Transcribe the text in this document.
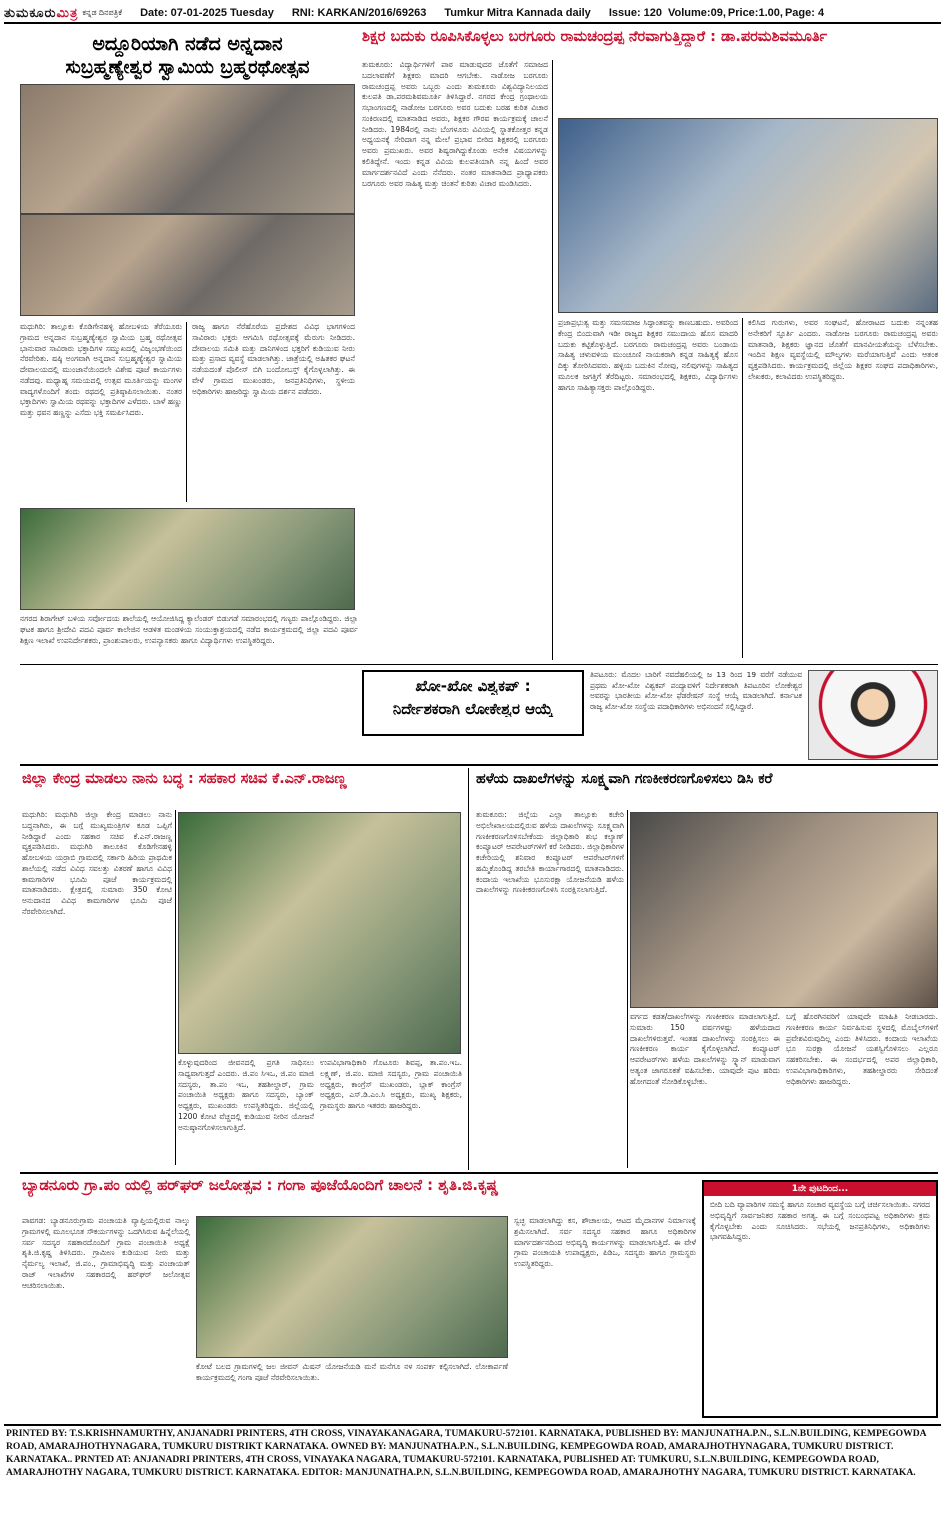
ತುಮಕೂರುಮಿತ್ರ ಕನ್ನಡ ದಿನಪತ್ರಿಕೆ Date: 07-01-2025 Tuesday RNI: KARKAN/2016/69263 Tumkur Mitra Kannada daily Issue: 120 Volume:09, Price:1.00, Page: 4
ಅದ್ದೂರಿಯಾಗಿ ನಡೆದ ಅನ್ನದಾನ
ಸುಬ್ರಹ್ಮಣ್ಯೇಶ್ವರ ಸ್ವಾಮಿಯ ಬ್ರಹ್ಮರಥೋತ್ಸವ
ಮಧುಗಿರಿ: ತಾಲ್ಲೂಕು ಕೊಡಿಗೇನಹಳ್ಳಿ ಹೋಬಳಿಯ ತೆರೆಯೂರು ಗ್ರಾಮದ ಅನ್ನದಾನ ಸುಬ್ರಹ್ಮಣ್ಯೇಶ್ವರ ಸ್ವಾಮಿಯ ಬ್ರಹ್ಮ ರಥೋತ್ಸವ ಭಾನುವಾರ ಸಾವಿರಾರು ಭಕ್ತಾದಿಗಳ ಸಮ್ಮುಖದಲ್ಲಿ ವಿಜೃಂಭಣೆಯಿಂದ ನೆರವೇರಿತು. ಷಷ್ಠಿ ಅಂಗವಾಗಿ ಅನ್ನದಾನ ಸುಬ್ರಹ್ಮಣ್ಯೇಶ್ವರ ಸ್ವಾಮಿಯ ದೇವಾಲಯದಲ್ಲಿ ಮುಂಜಾನೆಯಿಂದಲೇ ವಿಶೇಷ ಪೂಜೆ ಕಾರ್ಯಗಳು ನಡೆದವು. ಮಧ್ಯಾಹ್ನ ಸಮಯದಲ್ಲಿ ಉತ್ಸವ ಮೂರ್ತಿಯನ್ನು ಮಂಗಳ ವಾದ್ಯಗಳೊಂದಿಗೆ ತಂದು ರಥದಲ್ಲಿ ಪ್ರತಿಷ್ಠಾಪಿಸಲಾಯಿತು. ನಂತರ ಭಕ್ತಾದಿಗಳು ಸ್ವಾಮಿಯ ರಥವನ್ನು ಭಕ್ತಾದಿಗಳ ಎಳೆದರು. ಬಾಳೆ ಹಣ್ಣು ಮತ್ತು ಧವನ ಹಣ್ಣನ್ನು ಎಸೆದು ಭಕ್ತಿ ಸಮರ್ಪಿಸಿದರು.
ರಾಜ್ಯ ಹಾಗೂ ನೆರೆಹೊರೆಯ ಪ್ರದೇಶದ ವಿವಿಧ ಭಾಗಗಳಿಂದ ಸಾವಿರಾರು ಭಕ್ತರು ಆಗಮಿಸಿ ರಥೋತ್ಸವಕ್ಕೆ ಮೆರುಗು ನೀಡಿದರು. ದೇವಾಲಯ ಸಮಿತಿ ಮತ್ತು ದಾನಿಗಳಿಂದ ಭಕ್ತರಿಗೆ ಕುಡಿಯುವ ನೀರು ಮತ್ತು ಪ್ರಸಾದ ವ್ಯವಸ್ಥೆ ಮಾಡಲಾಗಿತ್ತು. ಜಾತ್ರೆಯಲ್ಲಿ ಅಹಿತಕರ ಘಟನೆ ನಡೆಯದಂತೆ ಪೊಲೀಸ್ ಬಿಗಿ ಬಂದೋಬಸ್ತ್ ಕೈಗೊಳ್ಳಲಾಗಿತ್ತು. ಈ ವೇಳೆ ಗ್ರಾಮದ ಮುಖಂಡರು, ಜನಪ್ರತಿನಿಧಿಗಳು, ಸ್ಥಳೀಯ ಅಧಿಕಾರಿಗಳು ಹಾಜರಿದ್ದು ಸ್ವಾಮಿಯ ದರ್ಶನ ಪಡೆದರು.
ಶಿಕ್ಷರ ಬದುಕು ರೂಪಿಸಿಕೊಳ್ಳಲು ಬರಗೂರು ರಾಮಚಂದ್ರಪ್ಪ ನೆರವಾಗುತ್ತಿದ್ದಾರೆ : ಡಾ.ಪರಮಶಿವಮೂರ್ತಿ
ತುಮಕೂರು: ವಿದ್ಯಾರ್ಥಿಗಳಿಗೆ ಪಾಠ ಮಾಡುವುದರ ಜೊತೆಗೆ ಸಮಾಜದ ಬದಲಾವಣೆಗೆ ಶಿಕ್ಷಕರು ಮಾದರಿ ಆಗಬೇಕು. ನಾಡೋಜ ಬರಗೂರು ರಾಮಚಂದ್ರಪ್ಪ ಅವರು ಒಬ್ಬರು ಎಂದು ತುಮಕೂರು ವಿಶ್ವವಿದ್ಯಾನಿಲಯದ ಕುಲಪತಿ ಡಾ.ಪರಮಶಿವಮೂರ್ತಿ ತಿಳಿಸಿದ್ದಾರೆ. ನಗರದ ಕೇಂದ್ರ ಗ್ರಂಥಾಲಯ ಸಭಾಂಗಣದಲ್ಲಿ ನಾಡೋಜ ಬರಗೂರು ಅವರ ಬದುಕು ಬರಹ ಕುರಿತ ವಿಚಾರ ಸಂಕಿರಣದಲ್ಲಿ ಮಾತನಾಡಿದ ಅವರು, ಶಿಕ್ಷಕರ ಗೌರವ ಕಾರ್ಯಕ್ರಮಕ್ಕೆ ಚಾಲನೆ ನೀಡಿದರು. 1984ರಲ್ಲಿ ನಾನು ಬೆಂಗಳೂರು ವಿವಿಯಲ್ಲಿ ಸ್ನಾತಕೋತ್ತರ ಕನ್ನಡ ಅಧ್ಯಯನಕ್ಕೆ ಸೇರಿದಾಗ ನನ್ನ ಮೇಲೆ ಪ್ರಭಾವ ಬೀರಿದ ಶಿಕ್ಷಕರಲ್ಲಿ ಬರಗೂರು ಅವರು ಪ್ರಮುಖರು. ಅವರ ಶಿಷ್ಯರಾಗಿದ್ದುಕೊಂಡು ಅನೇಕ ವಿಷಯಗಳನ್ನು ಕಲಿತಿದ್ದೇನೆ. ಇಂದು ಕನ್ನಡ ವಿವಿಯ ಕುಲಪತಿಯಾಗಿ ನನ್ನ ಹಿಂದೆ ಅವರ ಮಾರ್ಗದರ್ಶನವಿದೆ ಎಂದು ನೆನೆದರು. ನಂತರ ಮಾತನಾಡಿದ ಪ್ರಾಧ್ಯಾಪಕರು ಬರಗೂರು ಅವರ ಸಾಹಿತ್ಯ ಮತ್ತು ಚಿಂತನೆ ಕುರಿತು ವಿಚಾರ ಮಂಡಿಸಿದರು.
ಪ್ರಜಾಪ್ರಭುತ್ವ ಮತ್ತು ಸಮಸಮಾಜ ಸಿದ್ಧಾಂತವನ್ನು ಕಾಣಬಹುದು. ಅವರಿಂದ ಕೇಂದ್ರ ಬಿಂದುವಾಗಿ ಇಡೀ ರಾಜ್ಯದ ಶಿಕ್ಷಕರ ಸಮುದಾಯ ಹೊಸ ಮಾದರಿ ಬದುಕು ಕಟ್ಟಿಕೊಳ್ಳುತ್ತಿದೆ. ಬರಗೂರು ರಾಮಚಂದ್ರಪ್ಪ ಅವರು ಬಂಡಾಯ ಸಾಹಿತ್ಯ ಚಳುವಳಿಯ ಮುಂಚೂಣಿ ನಾಯಕರಾಗಿ ಕನ್ನಡ ಸಾಹಿತ್ಯಕ್ಕೆ ಹೊಸ ದಿಕ್ಕು ತೋರಿಸಿದವರು. ಹಳ್ಳಿಯ ಬದುಕಿನ ನೋವು, ನಲಿವುಗಳನ್ನು ಸಾಹಿತ್ಯದ ಮೂಲಕ ಜಗತ್ತಿಗೆ ತೆರೆದಿಟ್ಟರು. ಸಮಾರಂಭದಲ್ಲಿ ಶಿಕ್ಷಕರು, ವಿದ್ಯಾರ್ಥಿಗಳು ಹಾಗೂ ಸಾಹಿತ್ಯಾಸಕ್ತರು ಪಾಲ್ಗೊಂಡಿದ್ದರು.
ಕಲಿಸಿದ ಗುರುಗಳು, ಅವರ ಸಂಘಟನೆ, ಹೋರಾಟದ ಬದುಕು ನನ್ನಂತಹ ಅನೇಕರಿಗೆ ಸ್ಫೂರ್ತಿ ಎಂದರು. ನಾಡೋಜ ಬರಗೂರು ರಾಮಚಂದ್ರಪ್ಪ ಅವರು ಮಾತನಾಡಿ, ಶಿಕ್ಷಕರು ಜ್ಞಾನದ ಜೊತೆಗೆ ಮಾನವೀಯತೆಯನ್ನು ಬೆಳೆಸಬೇಕು. ಇಂದಿನ ಶಿಕ್ಷಣ ವ್ಯವಸ್ಥೆಯಲ್ಲಿ ಮೌಲ್ಯಗಳು ಮರೆಯಾಗುತ್ತಿವೆ ಎಂದು ಆತಂಕ ವ್ಯಕ್ತಪಡಿಸಿದರು. ಕಾರ್ಯಕ್ರಮದಲ್ಲಿ ಜಿಲ್ಲೆಯ ಶಿಕ್ಷಕರ ಸಂಘದ ಪದಾಧಿಕಾರಿಗಳು, ಲೇಖಕರು, ಕಲಾವಿದರು ಉಪಸ್ಥಿತರಿದ್ದರು.
ನಗರದ ಶಿರಾಗೇಟ್ ಬಳಿಯ ಸರ್ವೋದಯ ಶಾಲೆಯಲ್ಲಿ ಆಯೋಜಿಸಿದ್ದ ಕ್ಯಾಲೆಂಡರ್ ಬಿಡುಗಡೆ ಸಮಾರಂಭದಲ್ಲಿ ಗಣ್ಯರು ಪಾಲ್ಗೊಂಡಿದ್ದರು. ಜಿಲ್ಲಾ ಘಟಕ ಹಾಗೂ ಶ್ರೀದೇವಿ ಪದವಿ ಪೂರ್ವ ಕಾಲೇಜಿನ ಆಡಳಿತ ಮಂಡಳಿಯ ಸಂಯುಕ್ತಾಶ್ರಯದಲ್ಲಿ ನಡೆದ ಕಾರ್ಯಕ್ರಮದಲ್ಲಿ ಜಿಲ್ಲಾ ಪದವಿ ಪೂರ್ವ ಶಿಕ್ಷಣ ಇಲಾಖೆ ಉಪನಿರ್ದೇಶಕರು, ಪ್ರಾಂಶುಪಾಲರು, ಉಪನ್ಯಾಸಕರು ಹಾಗೂ ವಿದ್ಯಾರ್ಥಿಗಳು ಉಪಸ್ಥಿತರಿದ್ದರು.
ಖೋ-ಖೋ ವಿಶ್ವಕಪ್ :
ನಿರ್ದೇಶಕರಾಗಿ ಲೋಕೇಶ್ವರ ಆಯ್ಕೆ
ತಿಪಟೂರು: ಮೊದಲ ಬಾರಿಗೆ ನವದೆಹಲಿಯಲ್ಲಿ ಜ 13 ರಿಂದ 19 ವರೆಗೆ ನಡೆಯುವ ಪ್ರಥಮ ಖೋ-ಖೋ ವಿಶ್ವಕಪ್ ಪಂದ್ಯಾವಳಿಗೆ ನಿರ್ದೇಶಕರಾಗಿ ತಿಪಟೂರಿನ ಲೋಕೇಶ್ವರ ಅವರನ್ನು ಭಾರತೀಯ ಖೋ-ಖೋ ಫೆಡರೇಷನ್ ಸಂಸ್ಥೆ ಆಯ್ಕೆ ಮಾಡಲಾಗಿದೆ. ಕರ್ನಾಟಕ ರಾಜ್ಯ ಖೋ-ಖೋ ಸಂಸ್ಥೆಯ ಪದಾಧಿಕಾರಿಗಳು ಅಭಿನಂದನೆ ಸಲ್ಲಿಸಿದ್ದಾರೆ.
ಜಿಲ್ಲಾ ಕೇಂದ್ರ ಮಾಡಲು ನಾನು ಬದ್ಧ : ಸಹಕಾರ ಸಚಿವ ಕೆ.ಎನ್.ರಾಜಣ್ಣ
ಮಧುಗಿರಿ: ಮಧುಗಿರಿ ಜಿಲ್ಲಾ ಕೇಂದ್ರ ಮಾಡಲು ನಾನು ಬದ್ಧನಾಗಿರು, ಈ ಬಗ್ಗೆ ಮುಖ್ಯಮಂತ್ರಿಗಳ ಕೂಡ ಒಪ್ಪಿಗೆ ನೀಡಿದ್ದಾರೆ ಎಂದು ಸಹಕಾರ ಸಚಿವ ಕೆ.ಎನ್.ರಾಜಣ್ಣ ವ್ಯಕ್ತಪಡಿಸಿದರು. ಮಧುಗಿರಿ ತಾಲೂಕಿನ ಕೊಡಿಗೇನಹಳ್ಳಿ ಹೋಬಳಿಯ ಯರ್ರಾಬಿ ಗ್ರಾಮದಲ್ಲಿ ಸರ್ಕಾರಿ ಹಿರಿಯ ಪ್ರಾಥಮಿಕ ಶಾಲೆಯಲ್ಲಿ ನಡೆದ ವಿವಿಧ ಸವಲತ್ತು ವಿತರಣೆ ಹಾಗೂ ವಿವಿಧ ಕಾಮಗಾರಿಗಳ ಭೂಮಿ ಪೂಜೆ ಕಾರ್ಯಕ್ರಮದಲ್ಲಿ ಮಾತನಾಡಿದರು. ಕ್ಷೇತ್ರದಲ್ಲಿ ಸುಮಾರು 350 ಕೋಟಿ ಅನುದಾನದ ವಿವಿಧ ಕಾಮಗಾರಿಗಳ ಭೂಮಿ ಪೂಜೆ ನೆರವೇರಿಸಲಾಗಿದೆ.
ಕೊಳ್ಳುವುದರಿಂದ ಜೀವನದಲ್ಲಿ ಪ್ರಗತಿ ಸಾಧಿಸಲು ಸಾಧ್ಯವಾಗುತ್ತದೆ ಎಂದರು. ಜಿ.ಪಂ ಸಿಇಒ, ಜಿ.ಪಂ ಮಾಜಿ ಸದಸ್ಯರು, ತಾ.ಪಂ ಇಒ, ತಹಶೀಲ್ದಾರ್, ಗ್ರಾಮ ಪಂಚಾಯಿತಿ ಅಧ್ಯಕ್ಷರು ಹಾಗೂ ಸದಸ್ಯರು, ಬ್ಯಾಂಕ್ ಅಧ್ಯಕ್ಷರು, ಮುಖಂಡರು ಉಪಸ್ಥಿತರಿದ್ದರು. ಜಿಲ್ಲೆಯಲ್ಲಿ 1200 ಕೋಟಿ ವೆಚ್ಚದಲ್ಲಿ ಕುಡಿಯುವ ನೀರಿನ ಯೋಜನೆ ಅನುಷ್ಠಾನಗೊಳಿಸಲಾಗುತ್ತಿದೆ.
ಉಪವಿಭಾಗಾಧಿಕಾರಿ ಗೊಟೂರು ಶಿವಪ್ಪ, ತಾ.ಪಂ.ಇಒ. ಲಕ್ಷ್ಮಣ್, ಜಿ.ಪಂ. ಮಾಜಿ ಸದಸ್ಯರು, ಗ್ರಾಮ ಪಂಚಾಯಿತಿ ಅಧ್ಯಕ್ಷರು, ಕಾಂಗ್ರೆಸ್ ಮುಖಂಡರು, ಬ್ಲಾಕ್ ಕಾಂಗ್ರೆಸ್ ಅಧ್ಯಕ್ಷರು, ಎಸ್.ಡಿ.ಎಂ.ಸಿ ಅಧ್ಯಕ್ಷರು, ಮುಖ್ಯ ಶಿಕ್ಷಕರು, ಗ್ರಾಮಸ್ಥರು ಹಾಗೂ ಇತರರು ಹಾಜರಿದ್ದರು.
ಹಳೆಯ ದಾಖಲೆಗಳನ್ನು ಸೂಕ್ಷ್ಮವಾಗಿ ಗಣಕೀಕರಣಗೊಳಿಸಲು ಡಿಸಿ ಕರೆ
ತುಮಕೂರು: ಜಿಲ್ಲೆಯ ಎಲ್ಲಾ ತಾಲ್ಲೂಕು ಕಚೇರಿ ಅಭಿಲೇಖಾಲಯದಲ್ಲಿರುವ ಹಳೆಯ ದಾಖಲೆಗಳನ್ನು ಸೂಕ್ಷ್ಮವಾಗಿ ಗಣಕೀಕರಣಗೊಳಿಸಬೇಕೆಂದು ಜಿಲ್ಲಾಧಿಕಾರಿ ಶುಭ ಕಲ್ಯಾಣ್ ಕಂಪ್ಯೂಟರ್ ಆಪರೇಟರ್‌ಗಳಿಗೆ ಕರೆ ನೀಡಿದರು. ಜಿಲ್ಲಾಧಿಕಾರಿಗಳ ಕಚೇರಿಯಲ್ಲಿ ಶನಿವಾರ ಕಂಪ್ಯೂಟರ್ ಆಪರೇಟರ್‌ಗಳಿಗೆ ಹಮ್ಮಿಕೊಂಡಿದ್ದ ತರಬೇತಿ ಕಾರ್ಯಾಗಾರದಲ್ಲಿ ಮಾತನಾಡಿದರು. ಕಂದಾಯ ಇಲಾಖೆಯ ಭೂಸುರಕ್ಷಾ ಯೋಜನೆಯಡಿ ಹಳೆಯ ದಾಖಲೆಗಳನ್ನು ಗಣಕೀಕರಣಗೊಳಿಸಿ ಸಂರಕ್ಷಿಸಲಾಗುತ್ತಿದೆ.
ವರ್ಗದ ಕಡತ/ದಾಖಲೆಗಳನ್ನು ಗಣಕೀಕರಣ ಮಾಡಲಾಗುತ್ತಿದೆ. ಸುಮಾರು 150 ವರ್ಷಗಳಷ್ಟು ಹಳೆಯದಾದ ದಾಖಲೆಗಳಿರುತ್ತವೆ. ಇಂತಹ ದಾಖಲೆಗಳನ್ನು ಸಂರಕ್ಷಿಸಲು ಈ ಗಣಕೀಕರಣ ಕಾರ್ಯ ಕೈಗೊಳ್ಳಲಾಗಿದೆ. ಕಂಪ್ಯೂಟರ್ ಆಪರೇಟರ್‌ಗಳು ಹಳೆಯ ದಾಖಲೆಗಳನ್ನು ಸ್ಕ್ಯಾನ್ ಮಾಡುವಾಗ ಅತ್ಯಂತ ಜಾಗರೂಕತೆ ವಹಿಸಬೇಕು. ಯಾವುದೇ ಪುಟ ಹರಿದು ಹೋಗದಂತೆ ನೋಡಿಕೊಳ್ಳಬೇಕು.
ಬಗ್ಗೆ ಹೊರಗಿನವರಿಗೆ ಯಾವುದೇ ಮಾಹಿತಿ ನೀಡಬಾರದು. ಗಣಕೀಕರಣ ಕಾರ್ಯ ನಿರ್ವಹಿಸುವ ಸ್ಥಳದಲ್ಲಿ ಮೊಬೈಲ್‌ಗಳಿಗೆ ಪ್ರವೇಶವಿರುವುದಿಲ್ಲ ಎಂದು ತಿಳಿಸಿದರು. ಕಂದಾಯ ಇಲಾಖೆಯ ಭೂ ಸುರಕ್ಷಾ ಯೋಜನೆ ಯಶಸ್ವಿಗೊಳಿಸಲು ಎಲ್ಲರೂ ಸಹಕರಿಸಬೇಕು. ಈ ಸಂದರ್ಭದಲ್ಲಿ ಅಪರ ಜಿಲ್ಲಾಧಿಕಾರಿ, ಉಪವಿಭಾಗಾಧಿಕಾರಿಗಳು, ತಹಶೀಲ್ದಾರರು ಸೇರಿದಂತೆ ಅಧಿಕಾರಿಗಳು ಹಾಜರಿದ್ದರು.
ಬ್ಯಾಡನೂರು ಗ್ರಾ.ಪಂ ಯಲ್ಲಿ ಹರ್‌ಘರ್ ಜಲೋತ್ಸವ : ಗಂಗಾ ಪೂಜೆಯೊಂದಿಗೆ ಚಾಲನೆ : ಶೃತಿ.ಜಿ.ಕೃಷ್ಣ
ಪಾವಗಡ: ಬ್ಯಾಡನೂರುಗ್ರಾಮ ಪಂಚಾಯತಿ ವ್ಯಾಪ್ತಿಯಲ್ಲಿರುವ ನಾಲ್ಕು ಗ್ರಾಮಗಳಲ್ಲಿ ಮೂಲಭೂತ ಸೌಕರ್ಯಗಳನ್ನು ಒದಗಿಸಿರುವ ಹಿನ್ನೆಲೆಯಲ್ಲಿ ಸರ್ವ ಸದಸ್ಯರ ಸಹಕಾರದೊಂದಿಗೆ ಗ್ರಾಮ ಪಂಚಾಯಿತಿ ಅಧ್ಯಕ್ಷೆ ಶೃತಿ.ಜಿ.ಕೃಷ್ಣ ತಿಳಿಸಿದರು. ಗ್ರಾಮೀಣ ಕುಡಿಯುವ ನೀರು ಮತ್ತು ನೈರ್ಮಲ್ಯ ಇಲಾಖೆ, ಜಿ.ಪಂ., ಗ್ರಾಮಾಭಿವೃದ್ಧಿ ಮತ್ತು ಪಂಚಾಯತ್ ರಾಜ್ ಇಲಾಖೆಗಳ ಸಹಕಾರದಲ್ಲಿ ಹರ್‌ಘರ್ ಜಲೋತ್ಸವ ಆಚರಿಸಲಾಯಿತು.
ಕೋಟೆ ಬಲದ ಗ್ರಾಮಗಳಲ್ಲಿ ಜಲ ಜೀವನ್ ಮಿಷನ್ ಯೋಜನೆಯಡಿ ಮನೆ ಮನೆಗೂ ನಳ ಸಂಪರ್ಕ ಕಲ್ಪಿಸಲಾಗಿದೆ. ಲೋಕಾರ್ಪಣೆ ಕಾರ್ಯಕ್ರಮದಲ್ಲಿ ಗಂಗಾ ಪೂಜೆ ನೆರವೇರಿಸಲಾಯಿತು.
ಸ್ವಚ್ಛ ಮಾಡಲಾಗಿದ್ದು ಕಸ, ಶೌಚಾಲಯ, ಆಟದ ಮೈದಾನಗಳ ನಿರ್ಮಾಣಕ್ಕೆ ಶ್ರಮಿಸಲಾಗಿದೆ. ಸರ್ವ ಸದಸ್ಯರ ಸಹಕಾರ ಹಾಗೂ ಅಧಿಕಾರಿಗಳ ಮಾರ್ಗದರ್ಶನದಿಂದ ಅಭಿವೃದ್ಧಿ ಕಾರ್ಯಗಳನ್ನು ಮಾಡಲಾಗುತ್ತಿದೆ. ಈ ವೇಳೆ ಗ್ರಾಮ ಪಂಚಾಯತಿ ಉಪಾಧ್ಯಕ್ಷರು, ಪಿಡಿಒ, ಸದಸ್ಯರು ಹಾಗೂ ಗ್ರಾಮಸ್ಥರು ಉಪಸ್ಥಿತರಿದ್ದರು.
1ನೇ ಪುಟದಿಂದ...
ಬೀದಿ ಬದಿ ವ್ಯಾಪಾರಿಗಳ ಸಮಸ್ಯೆ ಹಾಗೂ ಸಂಚಾರ ವ್ಯವಸ್ಥೆಯ ಬಗ್ಗೆ ಚರ್ಚಿಸಲಾಯಿತು. ನಗರದ ಅಭಿವೃದ್ಧಿಗೆ ಸಾರ್ವಜನಿಕರ ಸಹಕಾರ ಅಗತ್ಯ. ಈ ಬಗ್ಗೆ ಸಂಬಂಧಪಟ್ಟ ಅಧಿಕಾರಿಗಳು ಕ್ರಮ ಕೈಗೊಳ್ಳಬೇಕು ಎಂದು ಸೂಚಿಸಿದರು. ಸಭೆಯಲ್ಲಿ ಜನಪ್ರತಿನಿಧಿಗಳು, ಅಧಿಕಾರಿಗಳು ಭಾಗವಹಿಸಿದ್ದರು.
PRINTED BY: T.S.KRISHNAMURTHY, ANJANADRI PRINTERS, 4TH CROSS, VINAYAKANAGARA, TUMAKURU-572101. KARNATAKA, PUBLISHED BY: MANJUNATHA.P.N., S.L.N.BUILDING, KEMPEGOWDA ROAD, AMARAJHOTHYNAGARA, TUMKURU DISTRIKT KARNATAKA. OWNED BY: MANJUNATHA.P.N., S.L.N.BUILDING, KEMPEGOWDA ROAD, AMARAJHOTHYNAGARA, TUMKURU DISTRICT. KARNATAKA.. PRNTED AT: ANJANADRI PRINTERS, 4TH CROSS, VINAYAKA NAGARA, TUMAKURU-572101. KARNATAKA, PUBLISHED AT: TUMKURU, S.L.N.BUILDING, KEMPEGOWDA ROAD, AMARAJHOTHY NAGARA, TUMKURU DISTRICT. KARNATAKA. EDITOR: MANJUNATHA.P.N, S.L.N.BUILDING, KEMPEGOWDA ROAD, AMARAJHOTHY NAGARA, TUMKURU DISTRICT. KARNATAKA.
